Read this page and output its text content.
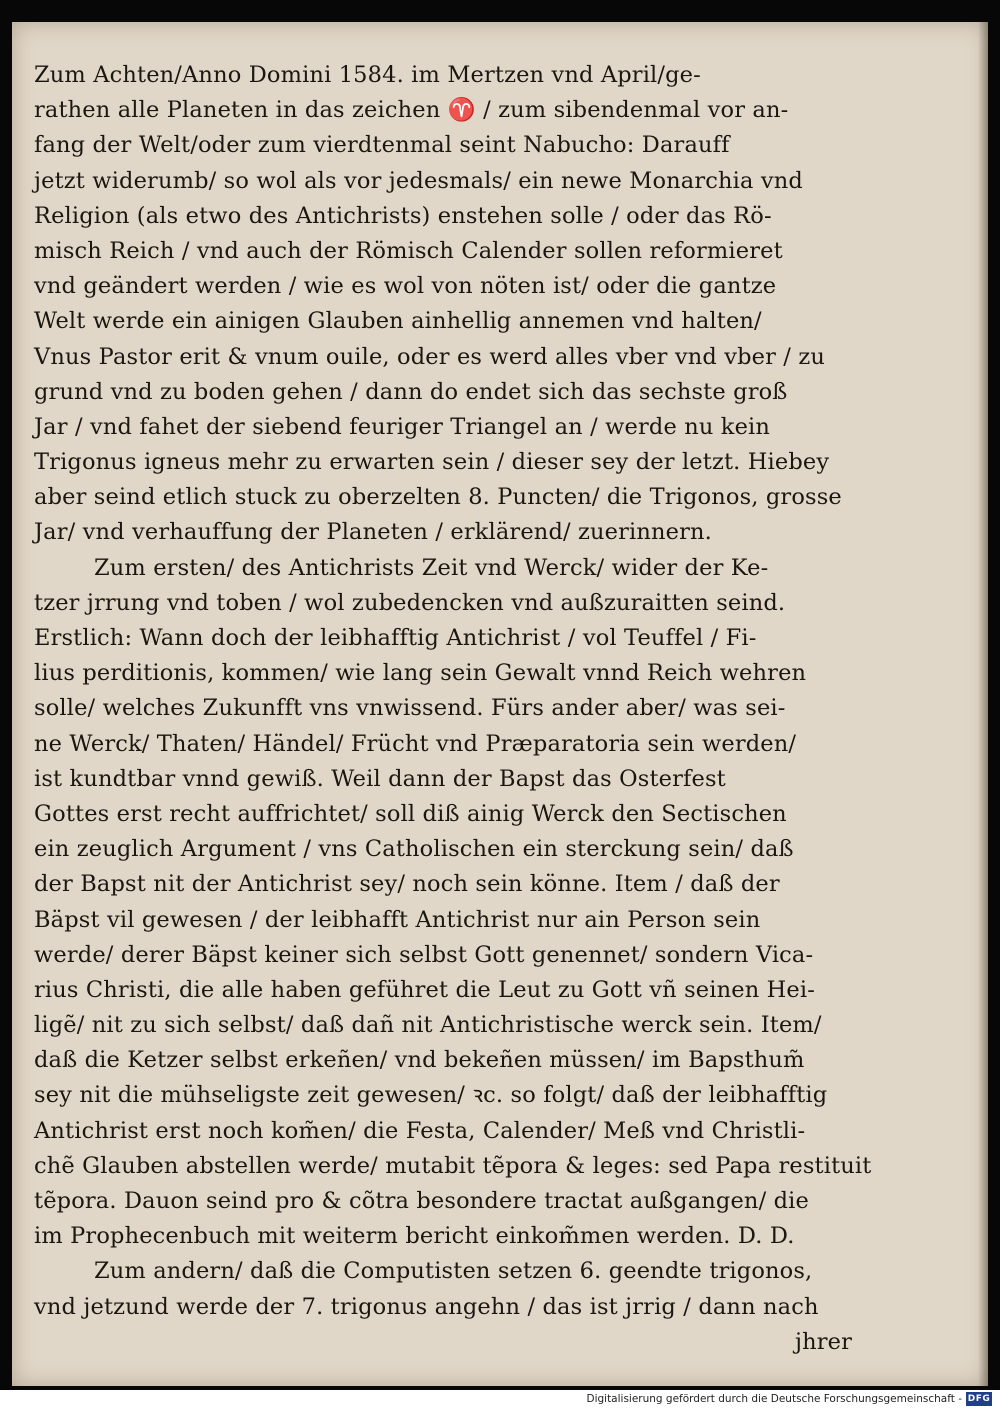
Zum Achten/Anno Domini 1584. im Mertzen vnd April/ge-
rathen alle Planeten in das zeichen ♈ / zum sibendenmal vor an-
fang der Welt/oder zum vierdtenmal seint Nabucho: Darauff
jetzt widerumb/ so wol als vor jedesmals/ ein newe Monarchia vnd
Religion (als etwo des Antichrists) enstehen solle / oder das Rö-
misch Reich / vnd auch der Römisch Calender sollen reformieret
vnd geändert werden / wie es wol von nöten ist/ oder die gantze
Welt werde ein ainigen Glauben ainhellig annemen vnd halten/
Vnus Pastor erit & vnum ouile, oder es werd alles vber vnd vber / zu
grund vnd zu boden gehen / dann do endet sich das sechste groß
Jar / vnd fahet der siebend feuriger Triangel an / werde nu kein
Trigonus igneus mehr zu erwarten sein / dieser sey der letzt. Hiebey
aber seind etlich stuck zu oberzelten 8. Puncten/ die Trigonos, grosse
Jar/ vnd verhauffung der Planeten / erklärend/ zuerinnern.
Zum ersten/ des Antichrists Zeit vnd Werck/ wider der Ke-
tzer jrrung vnd toben / wol zubedencken vnd außzuraitten seind.
Erstlich: Wann doch der leibhafftig Antichrist / vol Teuffel / Fi-
lius perditionis, kommen/ wie lang sein Gewalt vnnd Reich wehren
solle/ welches Zukunfft vns vnwissend. Fürs ander aber/ was sei-
ne Werck/ Thaten/ Händel/ Frücht vnd Præparatoria sein werden/
ist kundtbar vnnd gewiß. Weil dann der Bapst das Osterfest
Gottes erst recht auffrichtet/ soll diß ainig Werck den Sectischen
ein zeuglich Argument / vns Catholischen ein sterckung sein/ daß
der Bapst nit der Antichrist sey/ noch sein könne. Item / daß der
Bäpst vil gewesen / der leibhafft Antichrist nur ain Person sein
werde/ derer Bäpst keiner sich selbst Gott genennet/ sondern Vica-
rius Christi, die alle haben geführet die Leut zu Gott vñ seinen Hei-
ligẽ/ nit zu sich selbst/ daß dañ nit Antichristische werck sein. Item/
daß die Ketzer selbst erkeñen/ vnd bekeñen müssen/ im Bapsthum̃
sey nit die mühseligste zeit gewesen/ ꝛc. so folgt/ daß der leibhafftig
Antichrist erst noch kom̃en/ die Festa, Calender/ Meß vnd Christli-
chẽ Glauben abstellen werde/ mutabit tẽpora & leges: sed Papa restituit
tẽpora. Dauon seind pro & cõtra besondere tractat außgangen/ die
im Prophecenbuch mit weiterm bericht einkom̃men werden. D. D.
Zum andern/ daß die Computisten setzen 6. geendte trigonos,
vnd jetzund werde der 7. trigonus angehn / das ist jrrig / dann nach
jhrer
Digitalisierung gefördert durch die Deutsche Forschungsgemeinschaft - DFG
